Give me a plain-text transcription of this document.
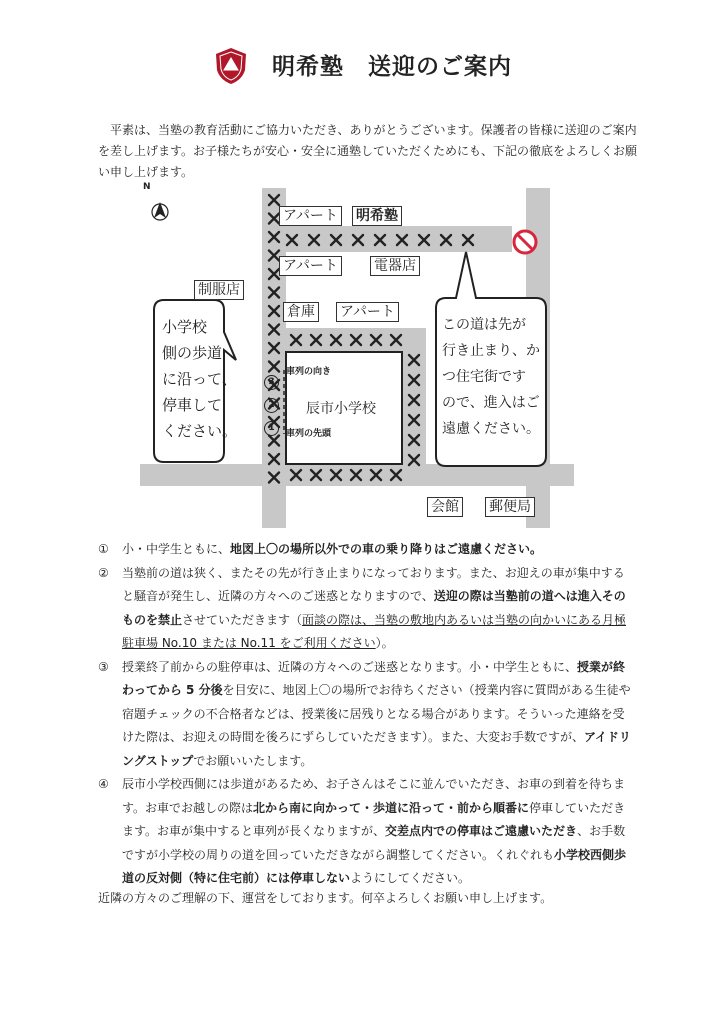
明希塾　送迎のご案内
平素は、当塾の教育活動にご協力いただき、ありがとうございます。保護者の皆様に送迎のご案内を差し上げます。お子様たちが安心・安全に通塾していただくためにも、下記の徹底をよろしくお願い申し上げます。
N
アパート 明希塾
アパート	電器店
制服店
倉庫 アパート
会館 郵便局
小学校
側の歩道
に沿って、
停車して
ください。
この道は先が
行き止まり、か
つ住宅街です
ので、進入はご
遠慮ください。
辰市小学校
車列の向き
車列の先頭
3
2
1
① 小・中学生ともに、地図上〇の場所以外での車の乗り降りはご遠慮ください。
② 当塾前の道は狭く、またその先が行き止まりになっております。また、お迎えの車が集中すると騒音が発生し、近隣の方々へのご迷惑となりますので、送迎の際は当塾前の道へは進入そのものを禁止させていただきます（面談の際は、当塾の敷地内あるいは当塾の向かいにある月極駐車場 No.10 または No.11 をご利用ください）。
③ 授業終了前からの駐停車は、近隣の方々へのご迷惑となります。小・中学生ともに、授業が終わってから 5 分後を目安に、地図上〇の場所でお待ちください（授業内容に質問がある生徒や宿題チェックの不合格者などは、授業後に居残りとなる場合があります。そういった連絡を受けた際は、お迎えの時間を後ろにずらしていただきます）。また、大変お手数ですが、アイドリングストップでお願いいたします。
④ 辰市小学校西側には歩道があるため、お子さんはそこに並んでいただき、お車の到着を待ちます。お車でお越しの際は北から南に向かって・歩道に沿って・前から順番に停車していただきます。お車が集中すると車列が長くなりますが、交差点内での停車はご遠慮いただき、お手数ですが小学校の周りの道を回っていただきながら調整してください。くれぐれも小学校西側歩道の反対側（特に住宅前）には停車しないようにしてください。
近隣の方々のご理解の下、運営をしております。何卒よろしくお願い申し上げます。
